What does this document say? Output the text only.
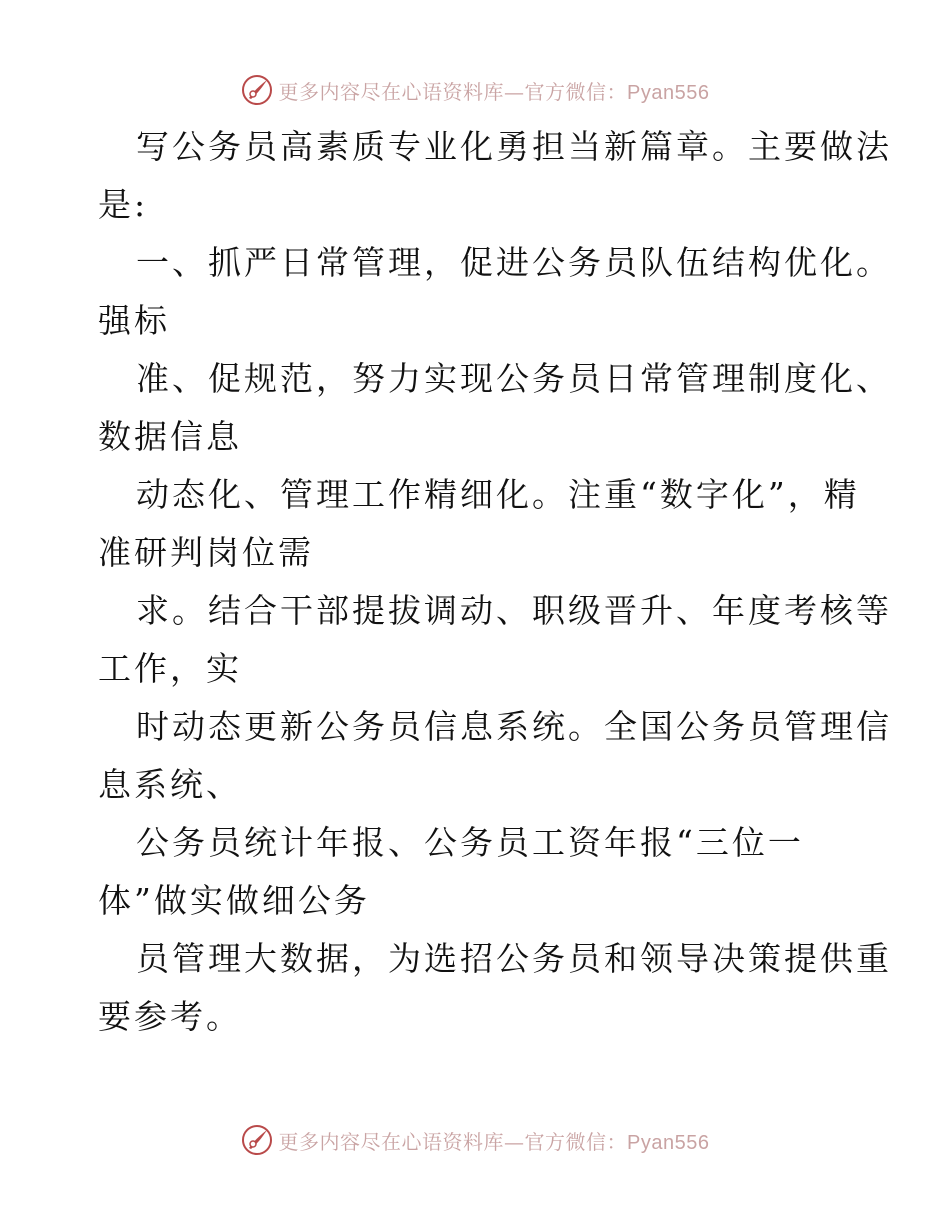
更多内容尽在心语资料库—官方微信：Pyan556
写公务员高素质专业化勇担当新篇章。主要做法
是:
一、抓严日常管理，促进公务员队伍结构优化。
强标
准、促规范，努力实现公务员日常管理制度化、
数据信息
动态化、管理工作精细化。注重“数字化”，精
准研判岗位需
求。结合干部提拔调动、职级晋升、年度考核等
工作，实
时动态更新公务员信息系统。全国公务员管理信
息系统、
公务员统计年报、公务员工资年报“三位一
体”做实做细公务
员管理大数据，为选招公务员和领导决策提供重
要参考。
更多内容尽在心语资料库—官方微信：Pyan556
